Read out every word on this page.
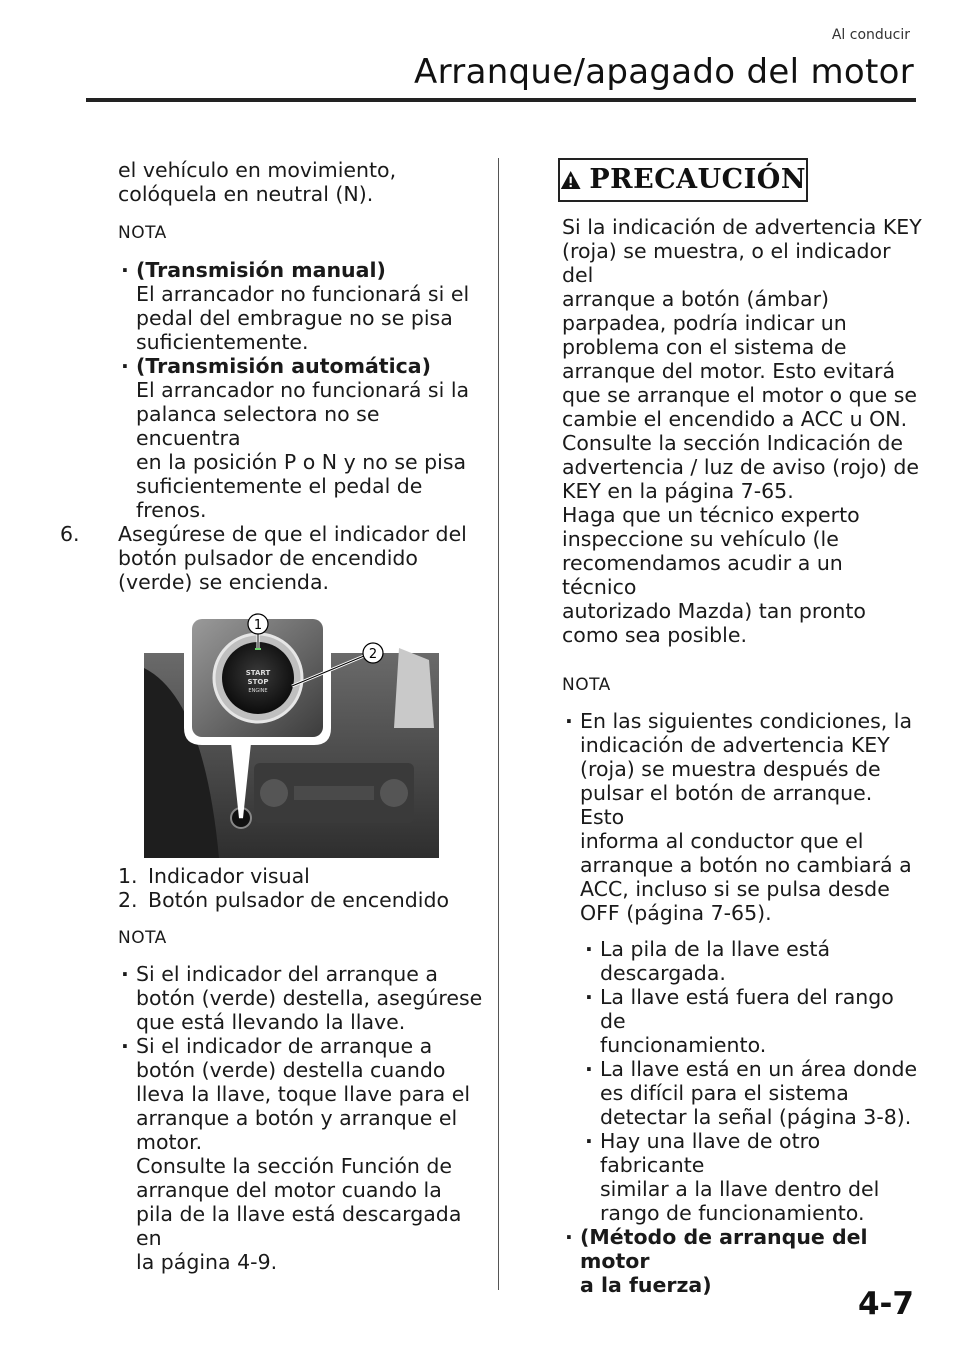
Al conducir
Arranque/apagado del motor

el vehículo en movimiento,

colóquela en neutral (N).

NOTA

· (Transmisión manual)
El arrancador no funcionará si el
pedal del embrague no se pisa
suficientemente.
· (Transmisión automática)
El arrancador no funcionará si la
palanca selectora no se encuentra
en la posición P o N y no se pisa
suficientemente el pedal de
frenos.
6. Asegúrese de que el indicador del
botón pulsador de encendido
(verde) se encienda.
START
STOP
ENGINE
1
2
1. Indicador visual
2. Botón pulsador de encendido

NOTA

· Si el indicador del arranque a
botón (verde) destella, asegúrese
que está llevando la llave.
· Si el indicador de arranque a
botón (verde) destella cuando
lleva la llave, toque llave para el
arranque a botón y arranque el
motor.
Consulte la sección Función de
arranque del motor cuando la
pila de la llave está descargada en
la página 4-9.
PRECAUCIÓN
Si la indicación de advertencia KEY
(roja) se muestra, o el indicador del
arranque a botón (ámbar)
parpadea, podría indicar un
problema con el sistema de
arranque del motor. Esto evitará
que se arranque el motor o que se
cambie el encendido a ACC u ON.
Consulte la sección Indicación de
advertencia / luz de aviso (rojo) de
KEY en la página 7-65.
Haga que un técnico experto
inspeccione su vehículo (le
recomendamos acudir a un técnico
autorizado Mazda) tan pronto
como sea posible.

NOTA

· En las siguientes condiciones, la
indicación de advertencia KEY
(roja) se muestra después de
pulsar el botón de arranque. Esto
informa al conductor que el
arranque a botón no cambiará a
ACC, incluso si se pulsa desde
OFF (página 7-65).
· La pila de la llave está
descargada.
· La llave está fuera del rango de
funcionamiento.
· La llave está en un área donde
es difícil para el sistema
detectar la señal (página 3-8).
· Hay una llave de otro fabricante
similar a la llave dentro del
rango de funcionamiento.
· (Método de arranque del motor
a la fuerza)
4-7
